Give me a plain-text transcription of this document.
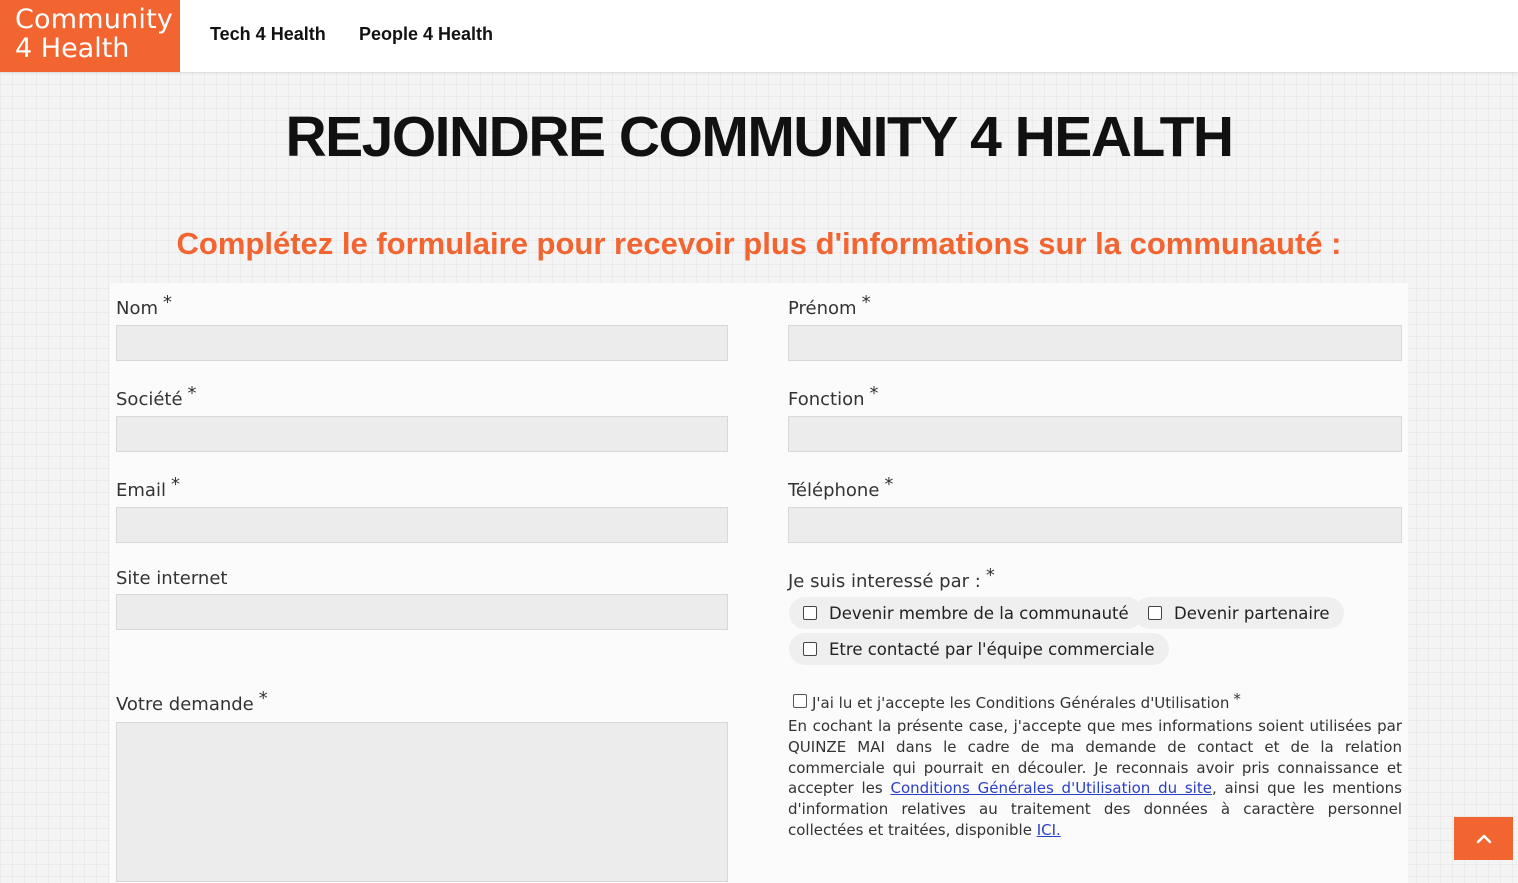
Community
4 Health	Tech 4 Health People 4 Health
REJOINDRE COMMUNITY 4 HEALTH
Complétez le formulaire pour recevoir plus d'informations sur la communauté :
Nom *
Société *
Email *
Site internet
Votre demande *
Prénom *
Fonction *
Téléphone *
Je suis interessé par : *
Devenir membre de la communauté	Devenir partenaire
Etre contacté par l'équipe commerciale
J'ai lu et j'accepte les Conditions Générales d'Utilisation *
En cochant la présente case, j'accepte que mes informations soient utilisées par QUINZE MAI dans le cadre de ma demande de contact et de la relation commerciale qui pourrait en découler. Je reconnais avoir pris connaissance et accepter les Conditions Générales d'Utilisation du site, ainsi que les mentions d'information relatives au traitement des données à caractère personnel collectées et traitées, disponible ICI.
